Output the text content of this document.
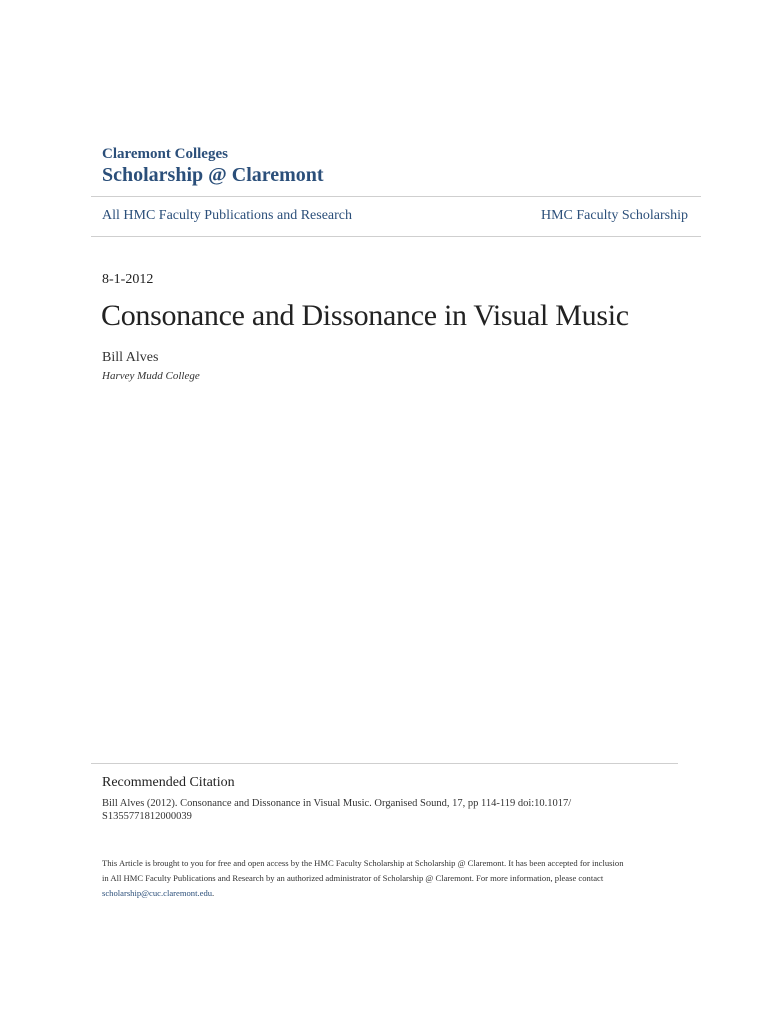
Claremont Colleges
Scholarship @ Claremont
All HMC Faculty Publications and Research	HMC Faculty Scholarship
8-1-2012
Consonance and Dissonance in Visual Music
Bill Alves
Harvey Mudd College
Recommended Citation
Bill Alves (2012). Consonance and Dissonance in Visual Music. Organised Sound, 17, pp 114-119 doi:10.1017/
S1355771812000039
This Article is brought to you for free and open access by the HMC Faculty Scholarship at Scholarship @ Claremont. It has been accepted for inclusion
in All HMC Faculty Publications and Research by an authorized administrator of Scholarship @ Claremont. For more information, please contact
scholarship@cuc.claremont.edu.
